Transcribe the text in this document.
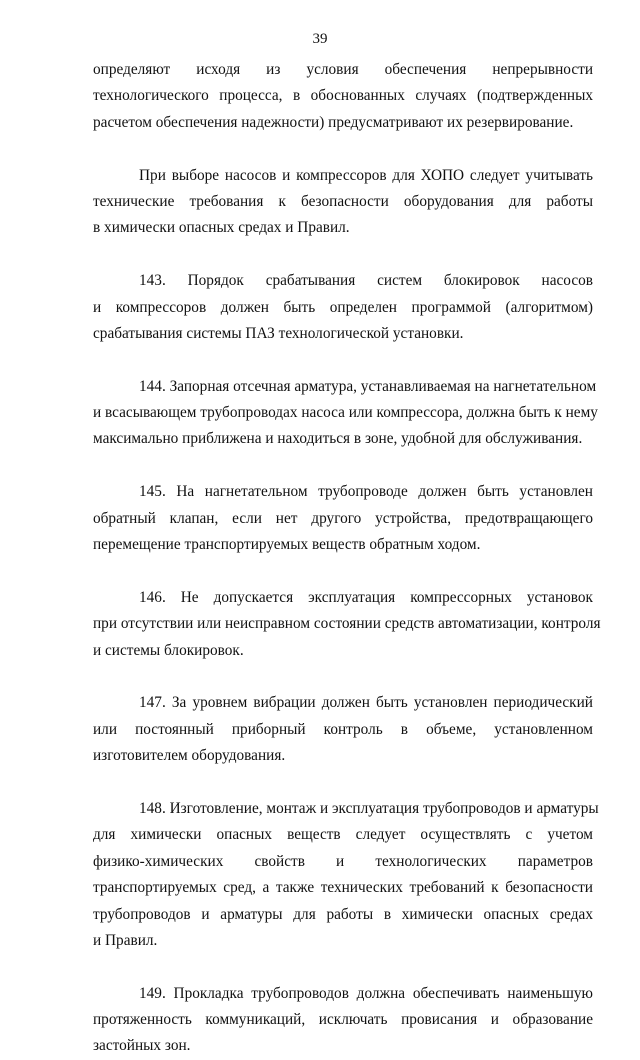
39
определяют исходя из условия обеспечения непрерывности
технологического процесса, в обоснованных случаях (подтвержденных
расчетом обеспечения надежности) предусматривают их резервирование.
При выборе насосов и компрессоров для ХОПО следует учитывать
технические требования к безопасности оборудования для работы
в химически опасных средах и Правил.
143. Порядок срабатывания систем блокировок насосов
и компрессоров должен быть определен программой (алгоритмом)
срабатывания системы ПАЗ технологической установки.
144. Запорная отсечная арматура, устанавливаемая на нагнетательном
и всасывающем трубопроводах насоса или компрессора, должна быть к нему
максимально приближена и находиться в зоне, удобной для обслуживания.
145. На нагнетательном трубопроводе должен быть установлен
обратный клапан, если нет другого устройства, предотвращающего
перемещение транспортируемых веществ обратным ходом.
146. Не допускается эксплуатация компрессорных установок
при отсутствии или неисправном состоянии средств автоматизации, контроля
и системы блокировок.
147. За уровнем вибрации должен быть установлен периодический
или постоянный приборный контроль в объеме, установленном
изготовителем оборудования.
148. Изготовление, монтаж и эксплуатация трубопроводов и арматуры
для химически опасных веществ следует осуществлять с учетом
физико-химических свойств и технологических параметров
транспортируемых сред, а также технических требований к безопасности
трубопроводов и арматуры для работы в химически опасных средах
и Правил.
149. Прокладка трубопроводов должна обеспечивать наименьшую
протяженность коммуникаций, исключать провисания и образование
застойных зон.
